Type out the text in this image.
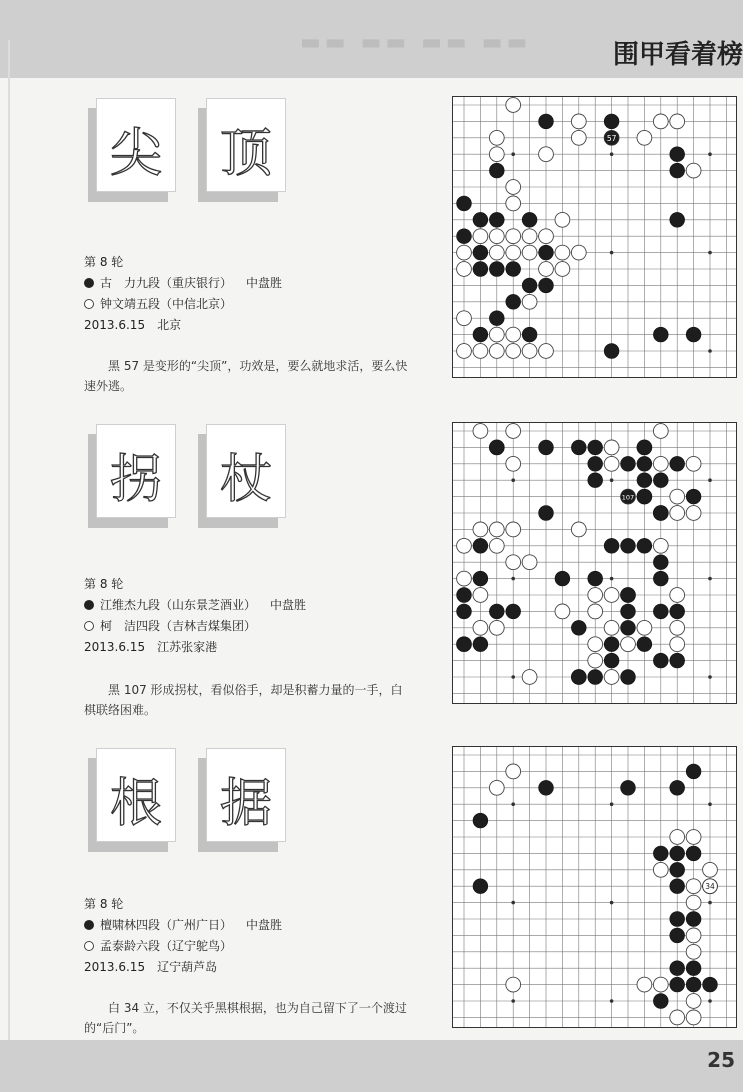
▬▬ ▬▬ ▬▬ ▬▬	围甲看着榜
尖 顶
第 8 轮
古　力九段（重庆银行） 中盘胜
钟文靖五段（中信北京）
2013.6.15　北京
黑 57 是变形的“尖顶”，功效是，要么就地求活，要么快速外逃。
拐 杖
第 8 轮
江维杰九段（山东景芝酒业） 中盘胜
柯　洁四段（吉林吉煤集团）
2013.6.15　江苏张家港
黑 107 形成拐杖，看似俗手，却是积蓄力量的一手，白棋联络困难。
根 据
第 8 轮
檀啸林四段（广州广日） 中盘胜
孟泰龄六段（辽宁鸵鸟）
2013.6.15　辽宁葫芦岛
白 34 立，不仅关乎黑棋根据，也为自己留下了一个渡过的“后门”。
57
107
34
25
